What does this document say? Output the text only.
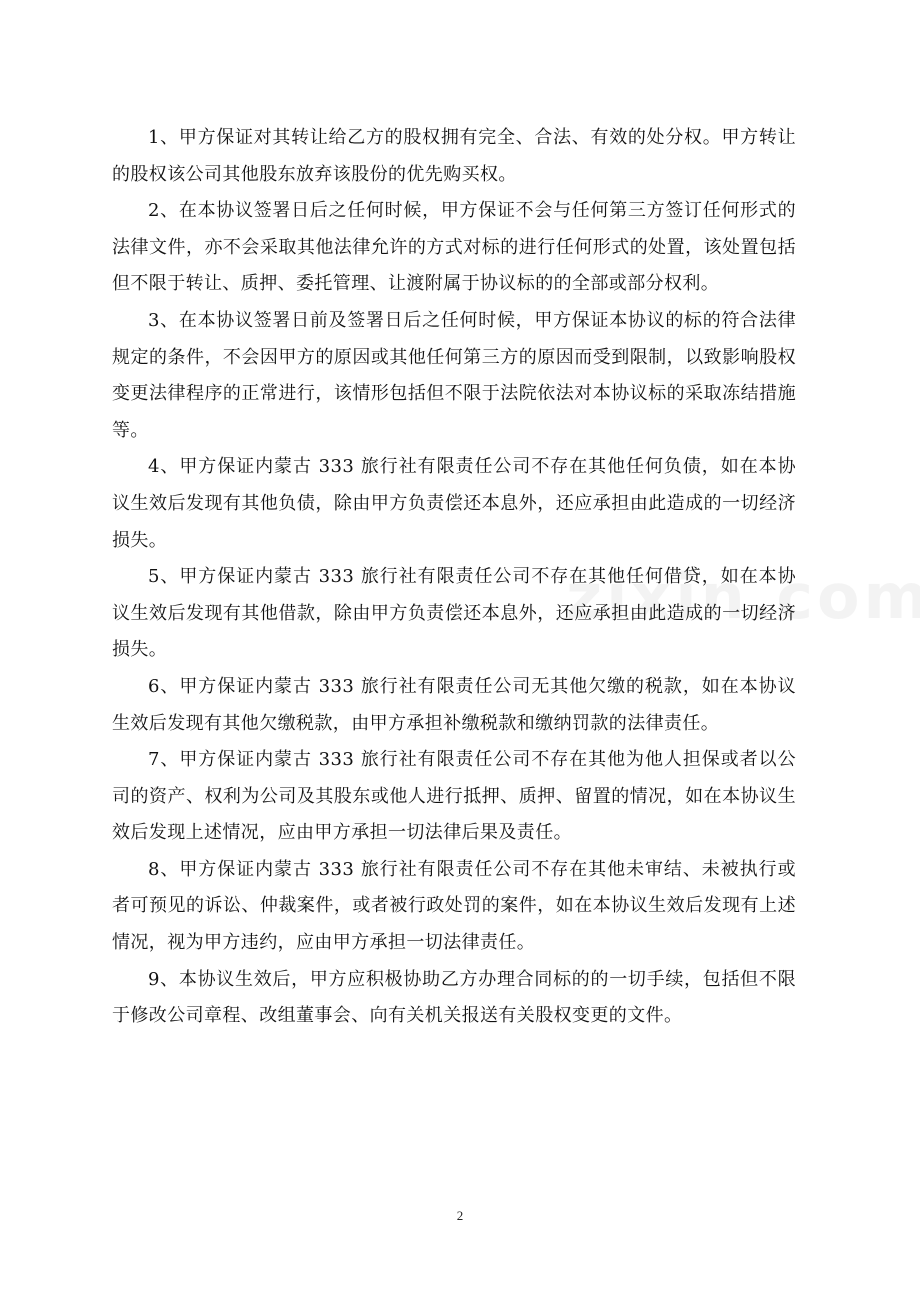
1、甲方保证对其转让给乙方的股权拥有完全、合法、有效的处分权。甲方转让的股权该公司其他股东放弃该股份的优先购买权。

2、在本协议签署日后之任何时候，甲方保证不会与任何第三方签订任何形式的法律文件，亦不会采取其他法律允许的方式对标的进行任何形式的处置，该处置包括但不限于转让、质押、委托管理、让渡附属于协议标的的全部或部分权利。

3、在本协议签署日前及签署日后之任何时候，甲方保证本协议的标的符合法律规定的条件，不会因甲方的原因或其他任何第三方的原因而受到限制，以致影响股权变更法律程序的正常进行，该情形包括但不限于法院依法对本协议标的采取冻结措施等。

4、甲方保证内蒙古 333 旅行社有限责任公司不存在其他任何负债，如在本协议生效后发现有其他负债，除由甲方负责偿还本息外，还应承担由此造成的一切经济损失。

5、甲方保证内蒙古 333 旅行社有限责任公司不存在其他任何借贷，如在本协议生效后发现有其他借款，除由甲方负责偿还本息外，还应承担由此造成的一切经济损失。

6、甲方保证内蒙古 333 旅行社有限责任公司无其他欠缴的税款，如在本协议生效后发现有其他欠缴税款，由甲方承担补缴税款和缴纳罚款的法律责任。

7、甲方保证内蒙古 333 旅行社有限责任公司不存在其他为他人担保或者以公司的资产、权利为公司及其股东或他人进行抵押、质押、留置的情况，如在本协议生效后发现上述情况，应由甲方承担一切法律后果及责任。

8、甲方保证内蒙古 333 旅行社有限责任公司不存在其他未审结、未被执行或者可预见的诉讼、仲裁案件，或者被行政处罚的案件，如在本协议生效后发现有上述情况，视为甲方违约，应由甲方承担一切法律责任。

9、本协议生效后，甲方应积极协助乙方办理合同标的的一切手续，包括但不限于修改公司章程、改组董事会、向有关机关报送有关股权变更的文件。

2
